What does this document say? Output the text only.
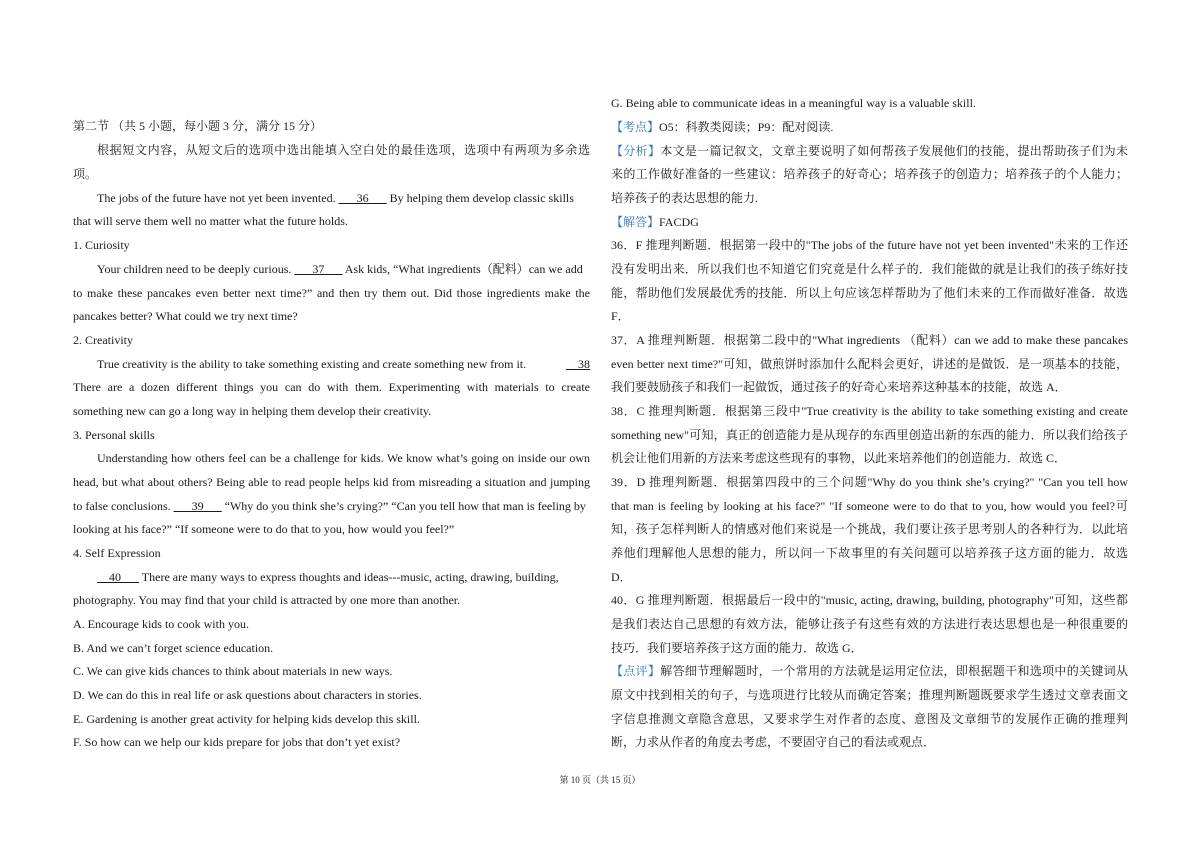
第二节 （共 5 小题，每小题 3 分，满分 15 分）
根据短文内容，从短文后的选项中选出能填入空白处的最佳选项，选项中有两项为多余选
项。
The jobs of the future have not yet been invented. ___36___ By helping them develop classic skills
that will serve them well no matter what the future holds.
1. Curiosity
Your children need to be deeply curious. ___37___ Ask kids, “What ingredients（配料）can we add
to make these pancakes even better next time?” and then try them out. Did those ingredients make the
pancakes better? What could we try next time?
2. Creativity
True creativity is the ability to take something existing and create something new from it.	__38
There are a dozen different things you can do with them. Experimenting with materials to create
something new can go a long way in helping them develop their creativity.
3. Personal skills
Understanding how others feel can be a challenge for kids. We know what’s going on inside our own
head, but what about others? Being able to read people helps kid from misreading a situation and jumping
to false conclusions. ___39___ “Why do you think she’s crying?” “Can you tell how that man is feeling by
looking at his face?” “If someone were to do that to you, how would you feel?”
4. Self Expression
__40___ There are many ways to express thoughts and ideas---music, acting, drawing, building,
photography. You may find that your child is attracted by one more than another.
A. Encourage kids to cook with you.
B. And we can’t forget science education.
C. We can give kids chances to think about materials in new ways.
D. We can do this in real life or ask questions about characters in stories.
E. Gardening is another great activity for helping kids develop this skill.
F. So how can we help our kids prepare for jobs that don’t yet exist?
G. Being able to communicate ideas in a meaningful way is a valuable skill.
【考点】O5：科教类阅读；P9：配对阅读.
【分析】本文是一篇记叙文，文章主要说明了如何帮孩子发展他们的技能，提出帮助孩子们为未
来的工作做好准备的一些建议：培养孩子的好奇心；培养孩子的创造力；培养孩子的个人能力；
培养孩子的表达思想的能力.
【解答】FACDG
36．F 推理判断题．根据第一段中的"The jobs of the future have not yet been invented"未来的工作还
没有发明出来．所以我们也不知道它们究竟是什么样子的．我们能做的就是让我们的孩子练好技
能，帮助他们发展最优秀的技能．所以上句应该怎样帮助为了他们未来的工作而做好准备．故选
F．
37．A 推理判断题．根据第二段中的"What ingredients （配料）can we add to make these pancakes
even better next time?"可知，做煎饼时添加什么配料会更好，讲述的是做饭．是一项基本的技能，
我们要鼓励孩子和我们一起做饭，通过孩子的好奇心来培养这种基本的技能，故选 A．
38．C 推理判断题．根据第三段中"True creativity is the ability to take something existing and create
something new"可知，真正的创造能力是从现存的东西里创造出新的东西的能力．所以我们给孩子
机会让他们用新的方法来考虑这些现有的事物，以此来培养他们的创造能力．故选 C．
39．D 推理判断题．根据第四段中的三个问题"Why do you think she’s crying?" "Can you tell how
that man is feeling by looking at his face?" "If someone were to do that to you, how would you feel?可
知，孩子怎样判断人的情感对他们来说是一个挑战，我们要让孩子思考别人的各种行为．以此培
养他们理解他人思想的能力，所以问一下故事里的有关问题可以培养孩子这方面的能力．故选
D．
40．G 推理判断题．根据最后一段中的"music, acting, drawing, building, photography"可知，这些都
是我们表达自己思想的有效方法，能够让孩子有这些有效的方法进行表达思想也是一种很重要的
技巧．我们要培养孩子这方面的能力．故选 G．
【点评】解答细节理解题时，一个常用的方法就是运用定位法，即根据题干和选项中的关键词从
原文中找到相关的句子，与选项进行比较从而确定答案；推理判断题既要求学生透过文章表面文
字信息推测文章隐含意思，又要求学生对作者的态度、意图及文章细节的发展作正确的推理判
断，力求从作者的角度去考虑，不要固守自己的看法或观点．
第 10 页（共 15 页）
